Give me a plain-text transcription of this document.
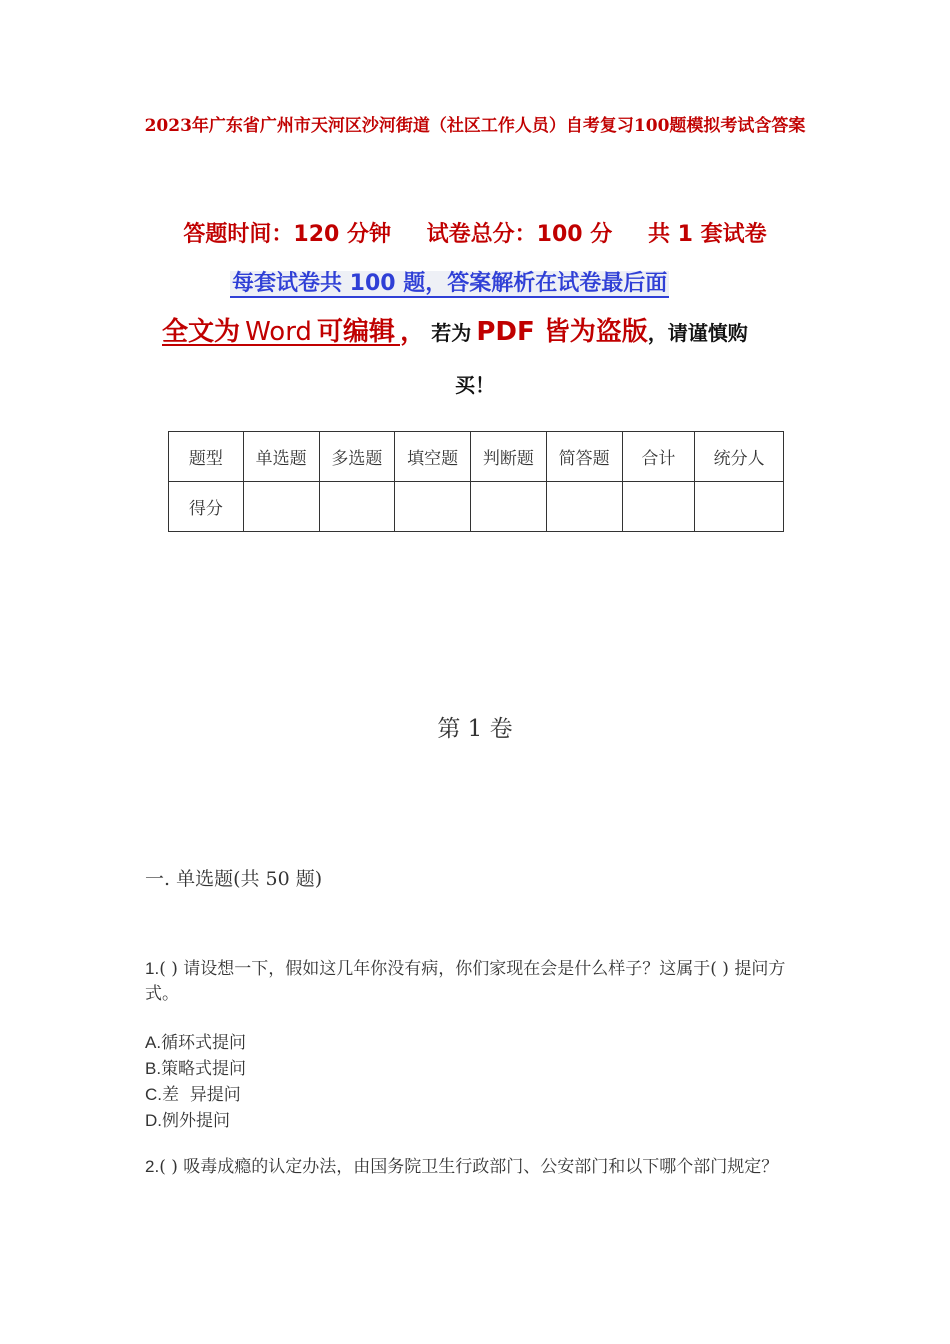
2023年广东省广州市天河区沙河街道（社区工作人员）自考复习100题模拟考试含答案
答题时间：120 分钟 试卷总分：100 分 共 1 套试卷
每套试卷共 100 题，答案解析在试卷最后面
全文为 Word 可编辑 ， 若为 PDF 皆为盗版，请谨慎购
买！
题型	单选题	多选题	填空题	判断题	简答题	合计	统分人
得分							
第 1 卷
一. 单选题(共 50 题)
1.( ) 请设想一下，假如这几年你没有病，你们家现在会是什么样子？这属于( ) 提问方式。
A.循环式提问
B.策略式提问
C.差  异提问
D.例外提问
2.( ) 吸毒成瘾的认定办法，由国务院卫生行政部门、公安部门和以下哪个部门规定？
